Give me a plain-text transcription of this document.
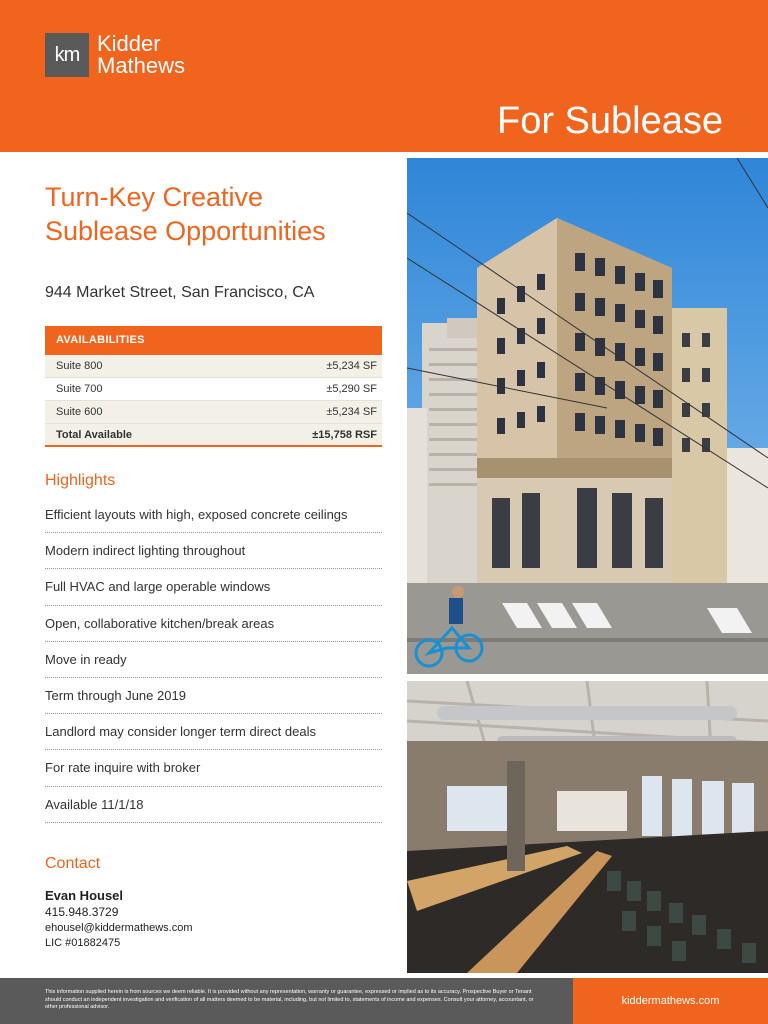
km Kidder
Mathews
For Sublease
Turn-Key Creative
Sublease Opportunities
944 Market Street, San Francisco, CA
AVAILABILITIES
Suite 800	±5,234 SF
Suite 700	±5,290 SF
Suite 600	±5,234 SF
Total Available	±15,758 RSF
Highlights
Efficient layouts with high, exposed concrete ceilings
Modern indirect lighting throughout
Full HVAC and large operable windows
Open, collaborative kitchen/break areas
Move in ready
Term through June 2019
Landlord may consider longer term direct deals
For rate inquire with broker
Available 11/1/18
Contact
Evan Housel
415.948.3729
ehousel@kiddermathews.com
LIC #01882475
This information supplied herein is from sources we deem reliable. It is provided without any representation, warranty or guarantee, expressed or implied as to its accuracy. Prospective Buyer or Tenant should conduct an independent investigation and verification of all matters deemed to be material, including, but not limited to, statements of income and expenses. Consult your attorney, accountant, or other professional advisor.	kiddermathews.com
